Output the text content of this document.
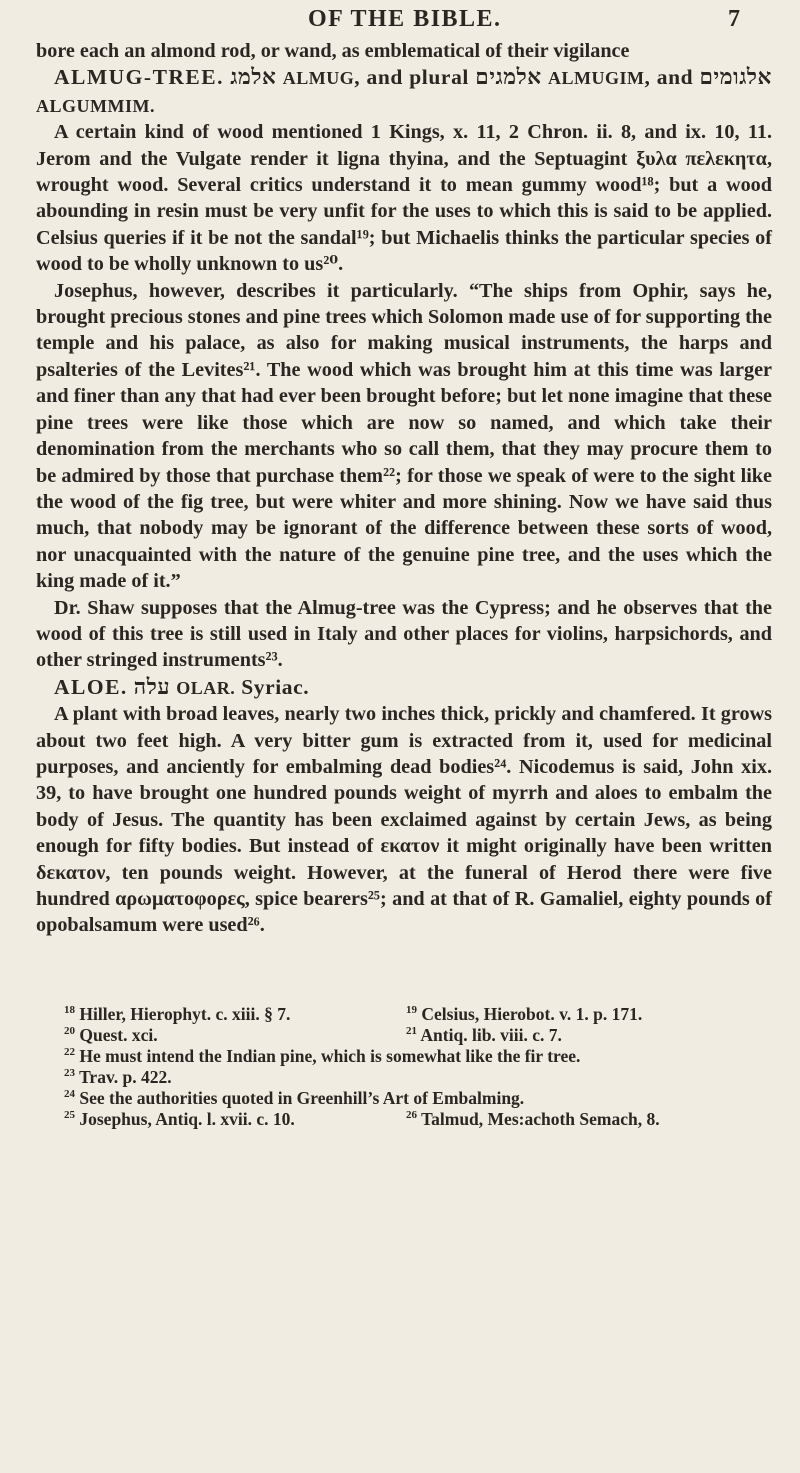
OF THE BIBLE.	7

bore each an almond rod, or wand, as emblematical of their vigilance

ALMUG-TREE. אלמג ALMUG, and plural אלמגים ALMUGIM, and אלגומים ALGUMMIM.

A certain kind of wood mentioned 1 Kings, x. 11, 2 Chron. ii. 8, and ix. 10, 11. Jerom and the Vulgate render it ligna thyina, and the Septuagint ξυλα πελεκητα, wrought wood. Several critics understand it to mean gummy wood¹⁸; but a wood abounding in resin must be very unfit for the uses to which this is said to be applied. Celsius queries if it be not the sandal¹⁹; but Michaelis thinks the particular species of wood to be wholly unknown to us²⁰.

Josephus, however, describes it particularly. “The ships from Ophir, says he, brought precious stones and pine trees which Solomon made use of for supporting the temple and his palace, as also for making musical instruments, the harps and psalteries of the Levites²¹. The wood which was brought him at this time was larger and finer than any that had ever been brought before; but let none imagine that these pine trees were like those which are now so named, and which take their denomination from the merchants who so call them, that they may procure them to be admired by those that purchase them²²; for those we speak of were to the sight like the wood of the fig tree, but were whiter and more shining. Now we have said thus much, that nobody may be ignorant of the difference between these sorts of wood, nor unacquainted with the nature of the genuine pine tree, and the uses which the king made of it.”

Dr. Shaw supposes that the Almug-tree was the Cypress; and he observes that the wood of this tree is still used in Italy and other places for violins, harpsichords, and other stringed instruments²³.

ALOE. עלה OLAR. Syriac.

A plant with broad leaves, nearly two inches thick, prickly and chamfered. It grows about two feet high. A very bitter gum is extracted from it, used for medicinal purposes, and anciently for embalming dead bodies²⁴. Nicodemus is said, John xix. 39, to have brought one hundred pounds weight of myrrh and aloes to embalm the body of Jesus. The quantity has been exclaimed against by certain Jews, as being enough for fifty bodies. But instead of εκατον it might originally have been written δεκατον, ten pounds weight. However, at the funeral of Herod there were five hundred αρωματοφορες, spice bearers²⁵; and at that of R. Gamaliel, eighty pounds of opobalsamum were used²⁶.

$^{18}$ Hiller, Hierophyt. c. xiii. § 7.	$^{19}$ Celsius, Hierobot. v. 1. p. 171.
$^{20}$ Quest. xci.	$^{21}$ Antiq. lib. viii. c. 7.
$^{22}$ He must intend the Indian pine, which is somewhat like the fir tree.
$^{23}$ Trav. p. 422.
$^{24}$ See the authorities quoted in Greenhill’s Art of Embalming.
$^{25}$ Josephus, Antiq. l. xvii. c. 10.	$^{26}$ Talmud, Mes:achoth Semach, 8.
